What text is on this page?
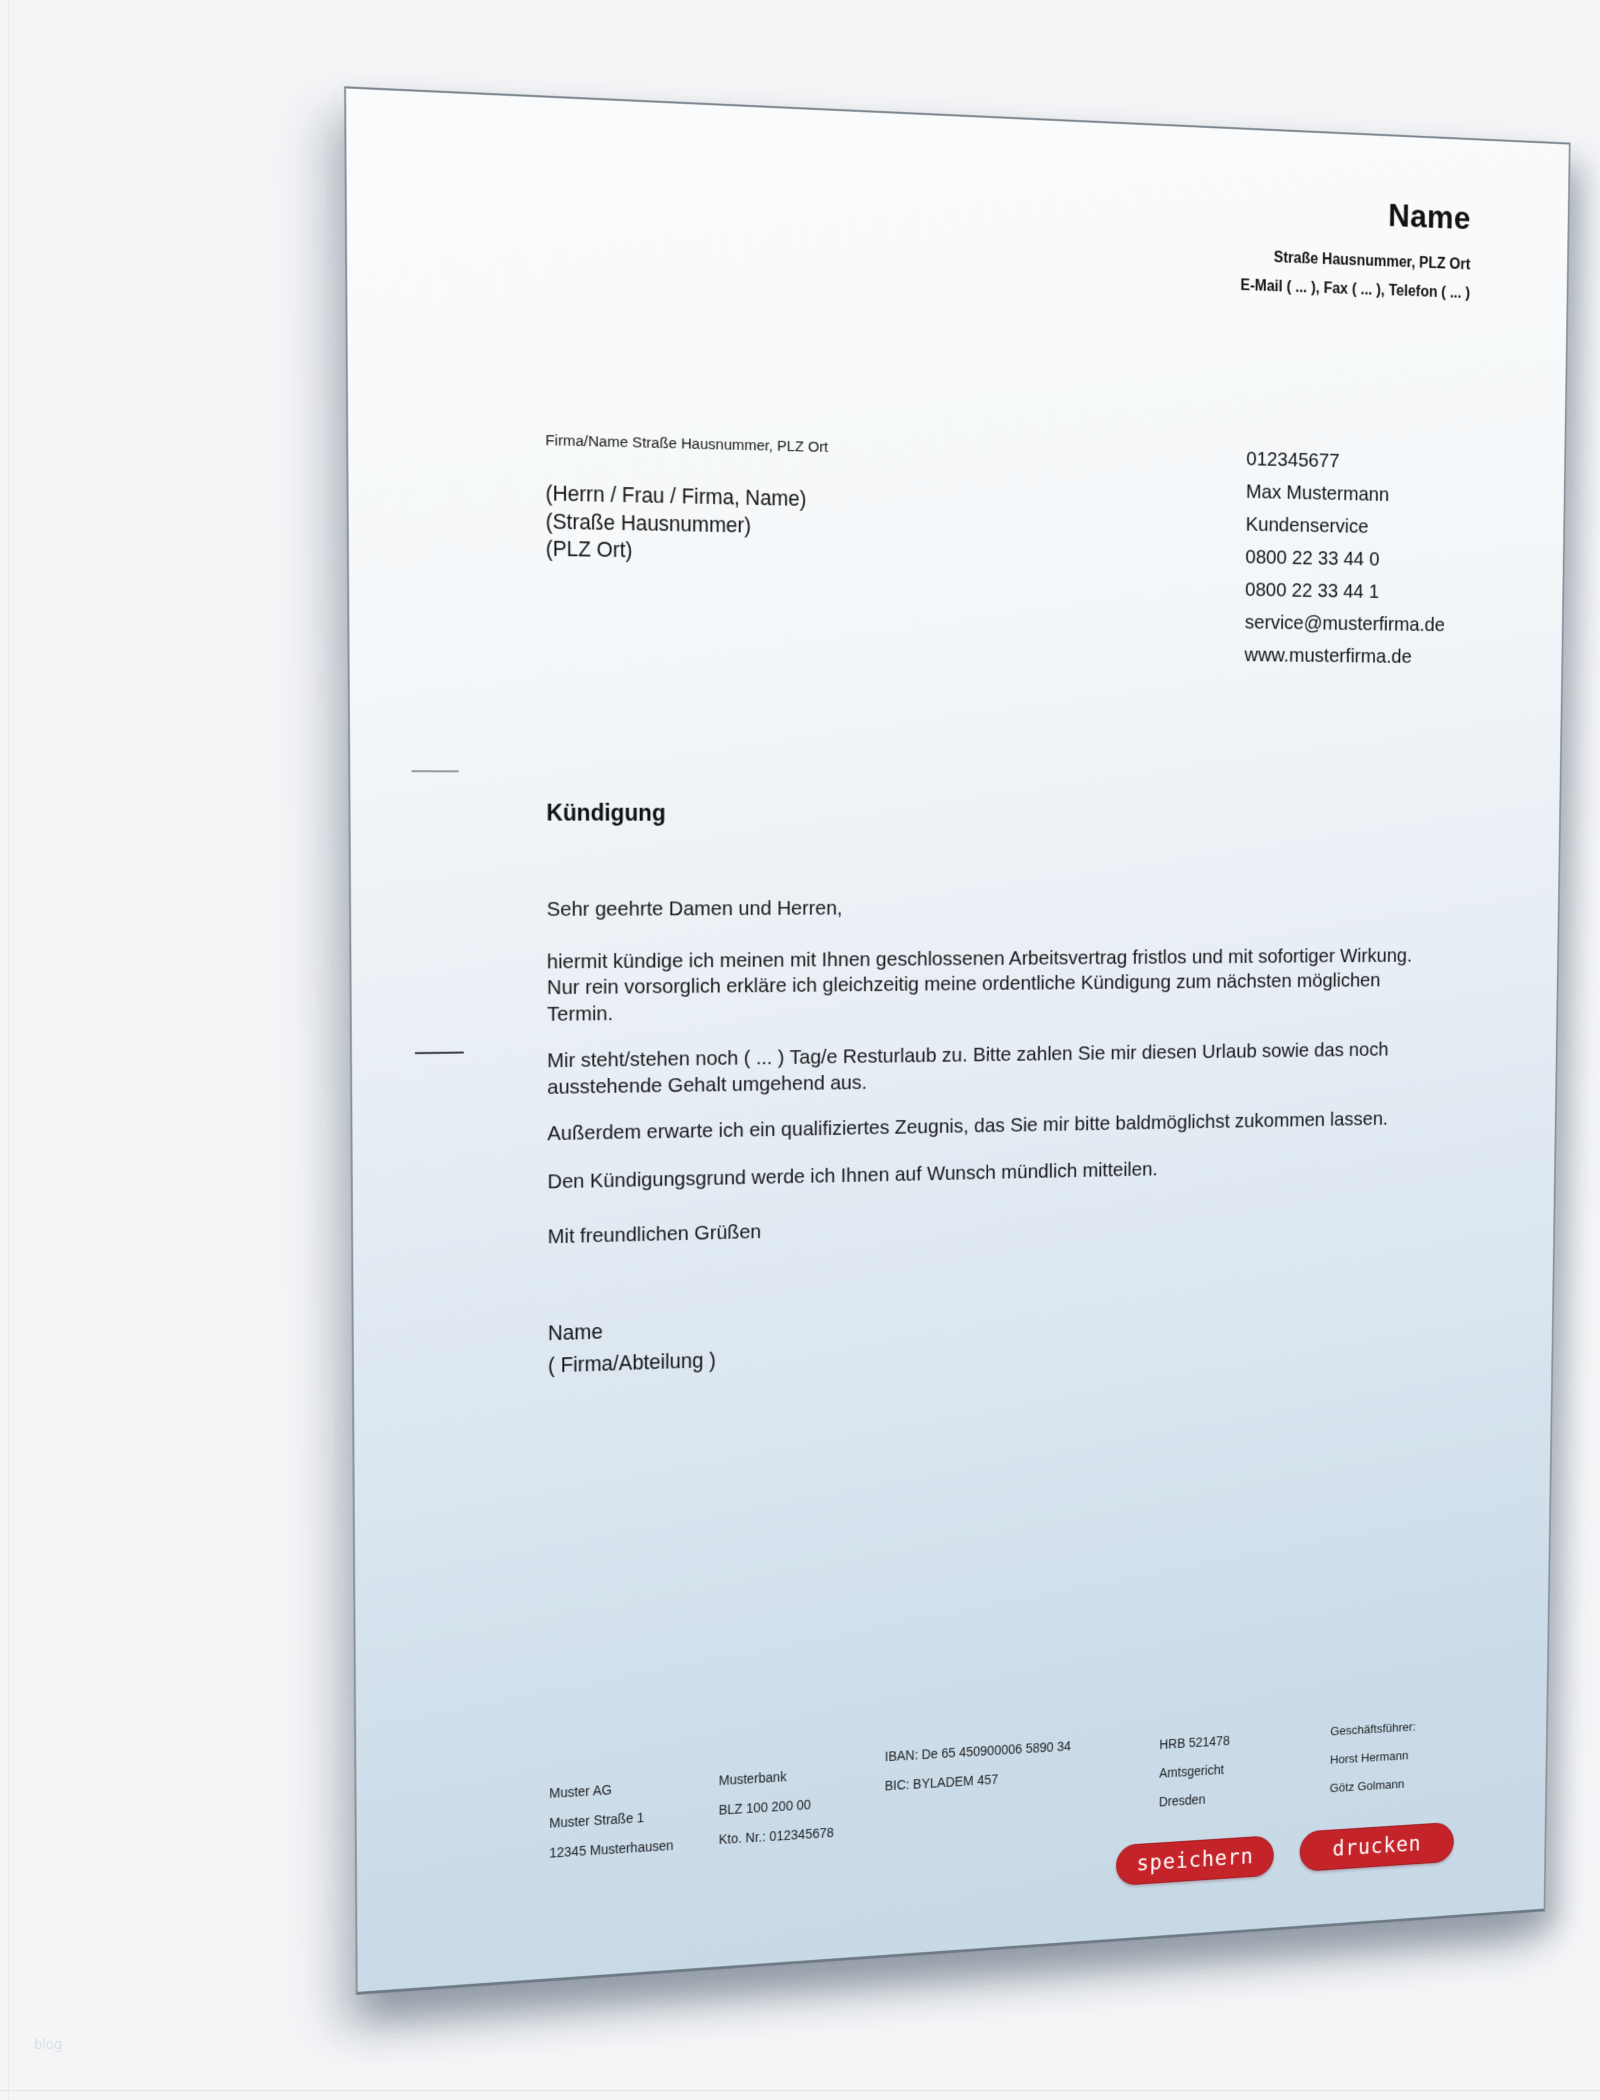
blog
Name
Straße Hausnummer, PLZ Ort
E-Mail ( ... ), Fax ( ... ), Telefon ( ... )
Firma/Name Straße Hausnummer, PLZ Ort
(Herrn / Frau / Firma, Name)
(Straße Hausnummer)
(PLZ Ort)
012345677
Max Mustermann
Kundenservice
0800 22 33 44 0
0800 22 33 44 1
service@musterfirma.de
www.musterfirma.de
Kündigung

Sehr geehrte Damen und Herren,

hiermit kündige ich meinen mit Ihnen geschlossenen Arbeitsvertrag fristlos und mit sofortiger Wirkung.
Nur rein vorsorglich erkläre ich gleichzeitig meine ordentliche Kündigung zum nächsten möglichen
Termin.

Mir steht/stehen noch ( ... ) Tag/e Resturlaub zu. Bitte zahlen Sie mir diesen Urlaub sowie das noch
ausstehende Gehalt umgehend aus.

Außerdem erwarte ich ein qualifiziertes Zeugnis, das Sie mir bitte baldmöglichst zukommen lassen.

Den Kündigungsgrund werde ich Ihnen auf Wunsch mündlich mitteilen.

Mit freundlichen Grüßen

Name
( Firma/Abteilung )
Muster AG
Muster Straße 1
12345 Musterhausen
Musterbank
BLZ 100 200 00
Kto. Nr.: 012345678
IBAN: De 65 450900006 5890 34
BIC: BYLADEM 457
HRB 521478
Amtsgericht
Dresden
Geschäftsführer:
Horst Hermann
Götz Golmann
speichern	drucken
